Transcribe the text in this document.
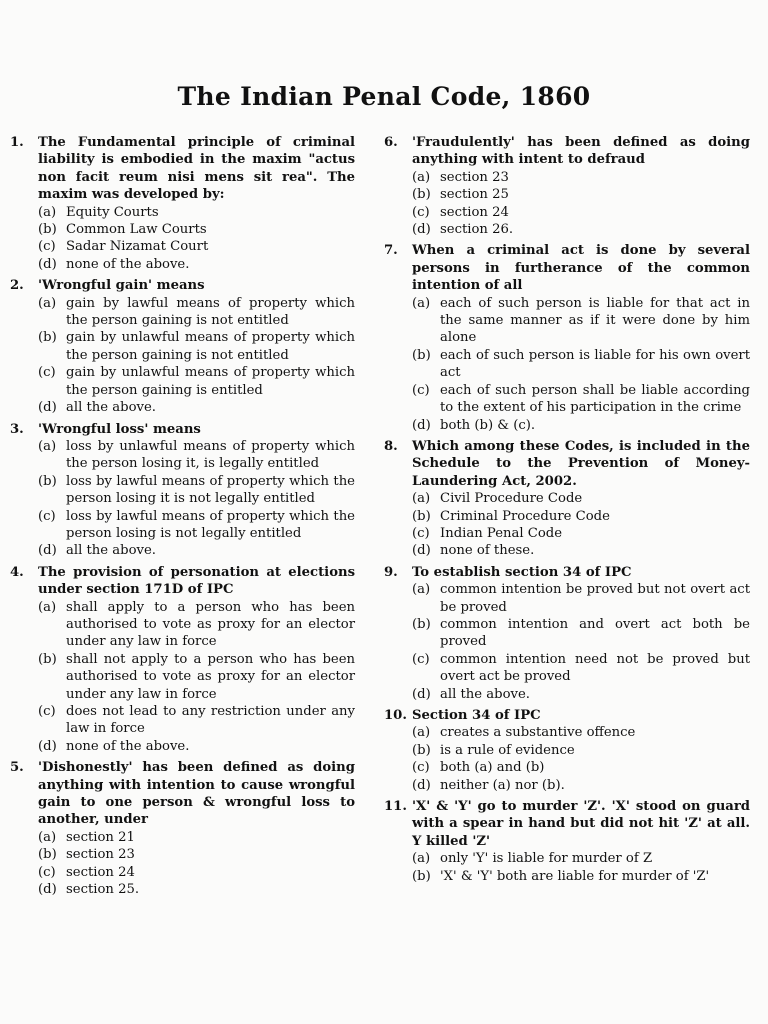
The Indian Penal Code, 1860
1.	The Fundamental principle of criminal liability is embodied in the maxim "actus non facit reum nisi mens sit rea". The maxim was developed by:
(a) Equity Courts
(b) Common Law Courts
(c) Sadar Nizamat Court
(d) none of the above.
2.	'Wrongful gain' means
(a) gain by lawful means of property which the person gaining is not entitled
(b) gain by unlawful means of property which the person gaining is not entitled
(c) gain by unlawful means of property which the person gaining is entitled
(d) all the above.
3.	'Wrongful loss' means
(a) loss by unlawful means of property which the person losing it, is legally entitled
(b) loss by lawful means of property which the person losing it is not legally entitled
(c) loss by lawful means of property which the person losing is not legally entitled
(d) all the above.
4.	The provision of personation at elections under section 171D of IPC
(a) shall apply to a person who has been authorised to vote as proxy for an elector under any law in force
(b) shall not apply to a person who has been authorised to vote as proxy for an elector under any law in force
(c) does not lead to any restriction under any law in force
(d) none of the above.
5.	'Dishonestly' has been defined as doing anything with intention to cause wrongful gain to one person & wrongful loss to another, under
(a) section 21
(b) section 23
(c) section 24
(d) section 25.
6.	'Fraudulently' has been defined as doing anything with intent to defraud
(a) section 23
(b) section 25
(c) section 24
(d) section 26.
7.	When a criminal act is done by several persons in furtherance of the common intention of all
(a) each of such person is liable for that act in the same manner as if it were done by him alone
(b) each of such person is liable for his own overt act
(c) each of such person shall be liable according to the extent of his participation in the crime
(d) both (b) & (c).
8.	Which among these Codes, is included in the Schedule to the Prevention of Money-Laundering Act, 2002.
(a) Civil Procedure Code
(b) Criminal Procedure Code
(c) Indian Penal Code
(d) none of these.
9.	To establish section 34 of IPC
(a) common intention be proved but not overt act be proved
(b) common intention and overt act both be proved
(c) common intention need not be proved but overt act be proved
(d) all the above.
10. Section 34 of IPC
(a) creates a substantive offence
(b) is a rule of evidence
(c) both (a) and (b)
(d) neither (a) nor (b).
11. 'X' & 'Y' go to murder 'Z'. 'X' stood on guard with a spear in hand but did not hit 'Z' at all. Y killed 'Z'
(a) only 'Y' is liable for murder of Z
(b) 'X' & 'Y' both are liable for murder of 'Z'
